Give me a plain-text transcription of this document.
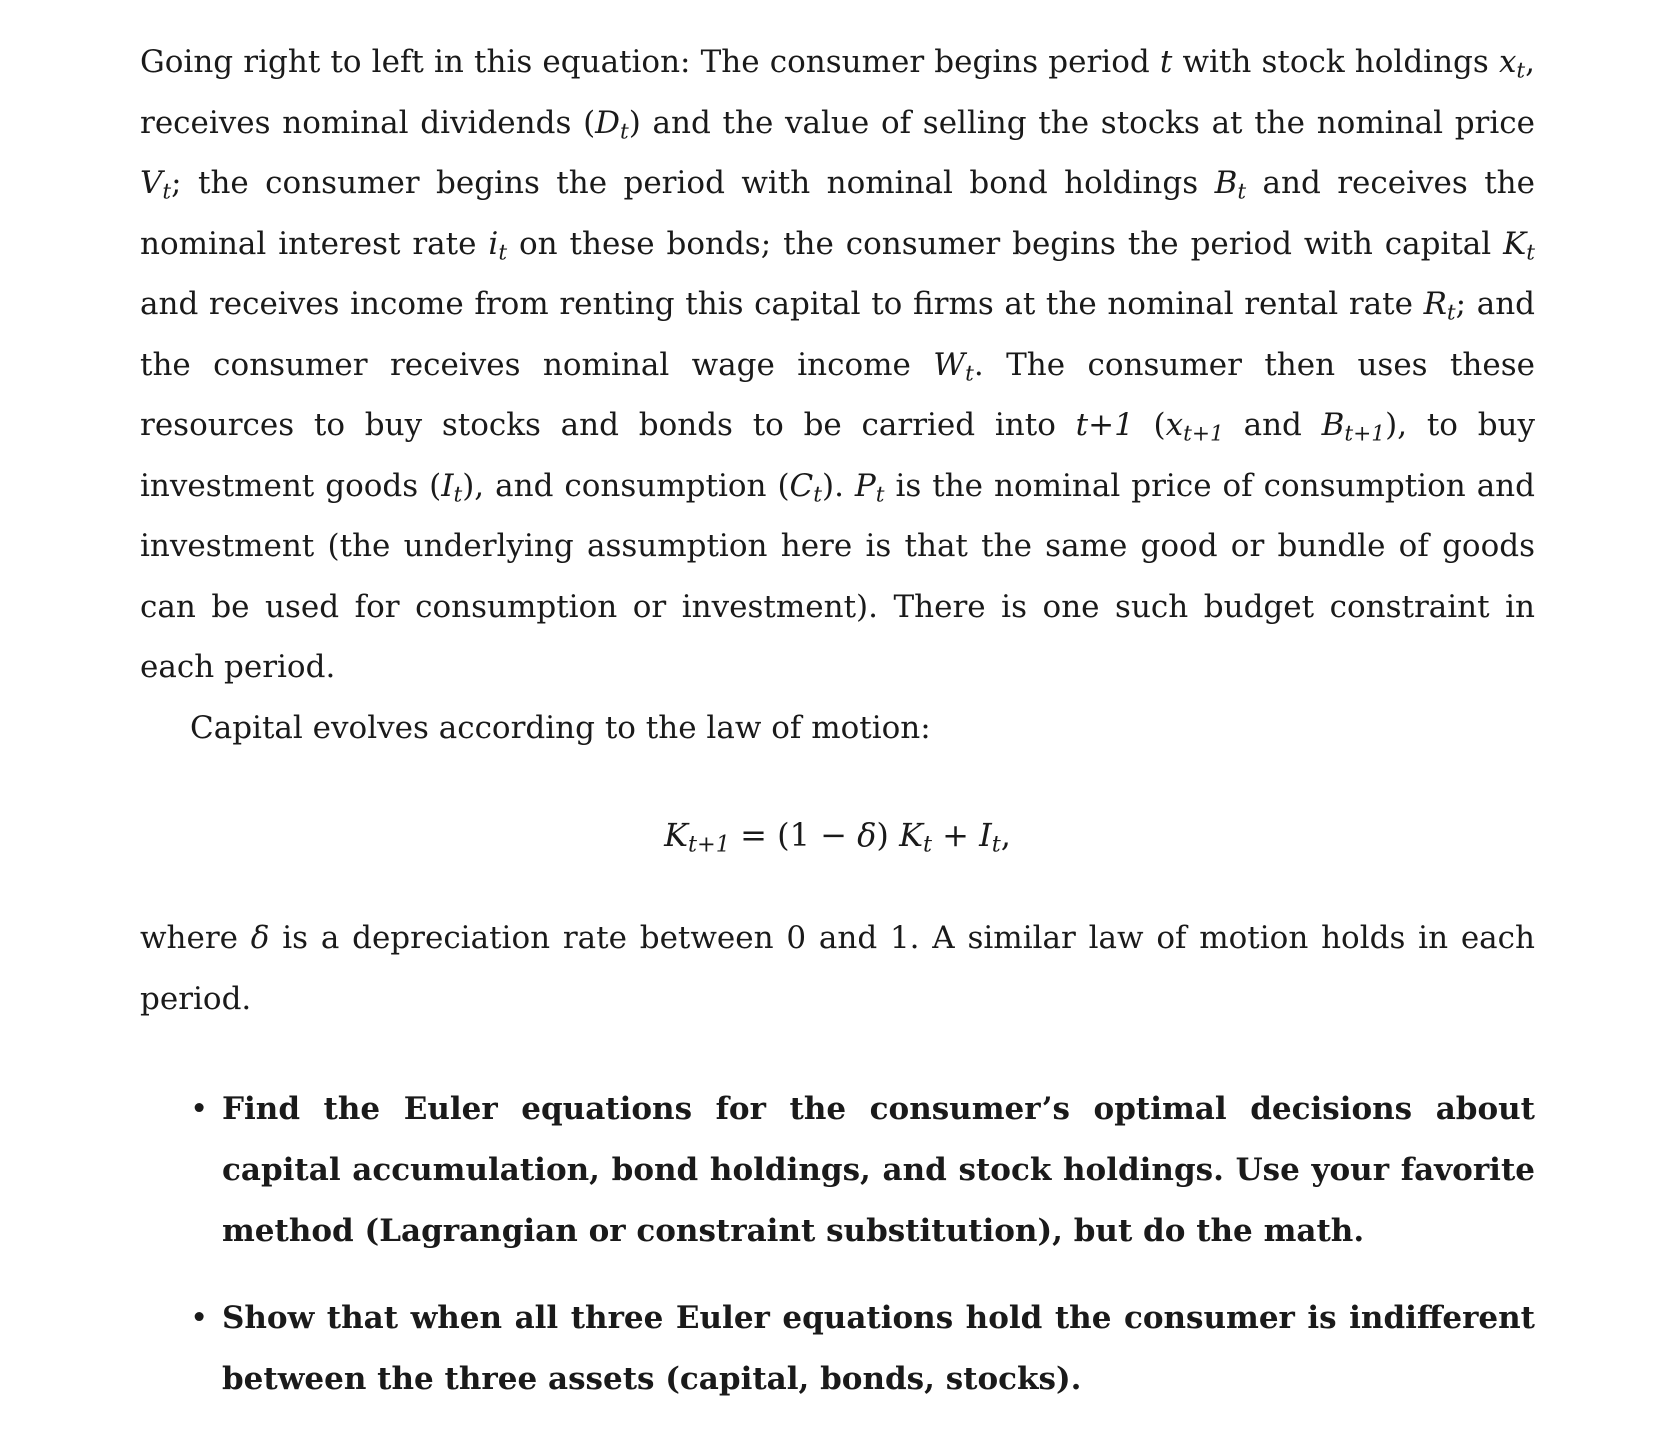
Going right to left in this equation: The consumer begins period t with stock holdings $x_t$, receives nominal dividends $(D_t)$ and the value of selling the stocks at the nominal price $V_t$; the consumer begins the period with nominal bond holdings $B_t$ and receives the nominal interest rate $i_t$ on these bonds; the consumer begins the period with capital $K_t$ and receives income from renting this capital to firms at the nominal rental rate $R_t$; and the consumer receives nominal wage income $W_t$. The consumer then uses these resources to buy stocks and bonds to be carried into t+1 ($x_{t+1}$ and $B_{t+1}$), to buy investment goods $(I_t)$, and consumption $(C_t)$. $P_t$ is the nominal price of consumption and investment (the underlying assumption here is that the same good or bundle of goods can be used for consumption or investment). There is one such budget constraint in each period.

Capital evolves according to the law of motion:

$K_{t+1} = (1 - \delta) K_t + I_t$,

where δ is a depreciation rate between 0 and 1. A similar law of motion holds in each period.

• Find the Euler equations for the consumer’s optimal decisions about capital accumulation, bond holdings, and stock holdings. Use your favorite method (Lagrangian or constraint substitution), but do the math.
• Show that when all three Euler equations hold the consumer is indifferent between the three assets (capital, bonds, stocks).
